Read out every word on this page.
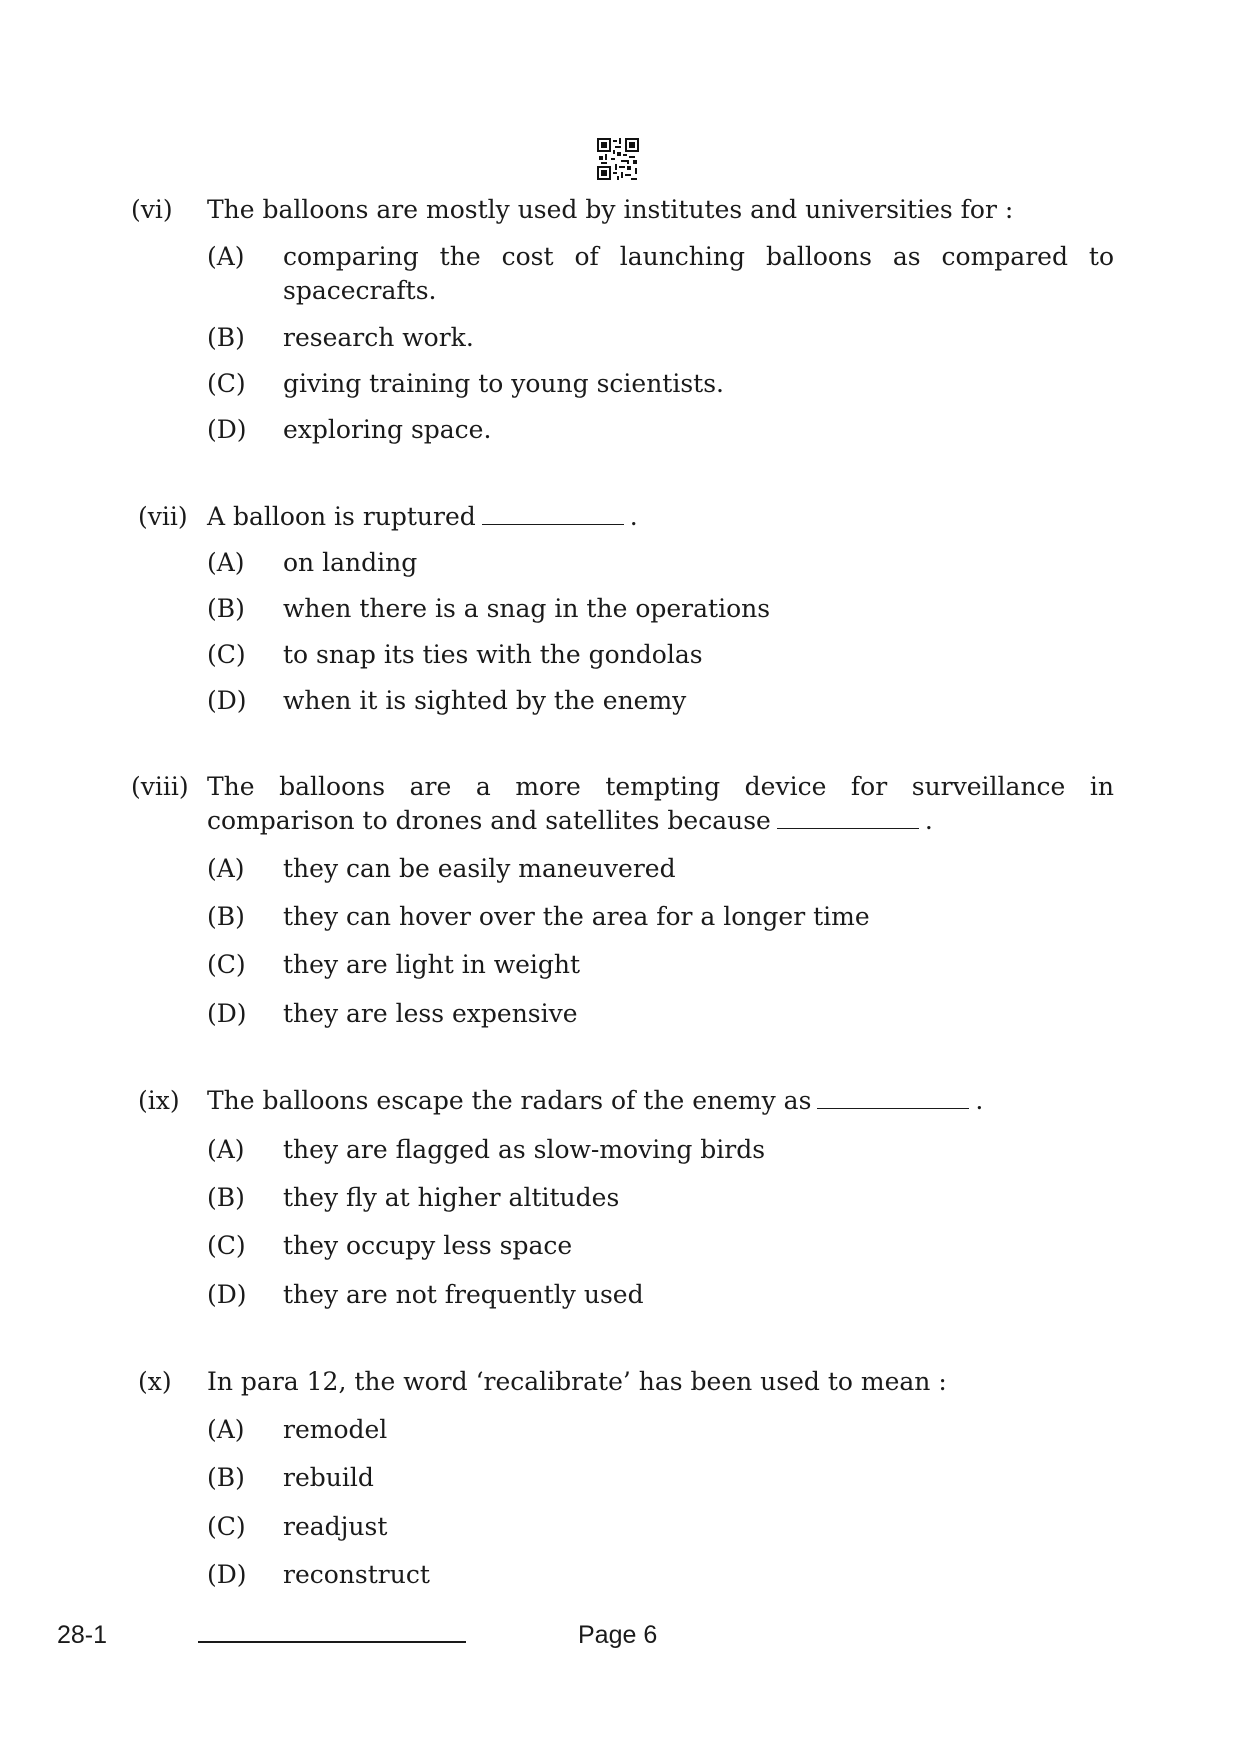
(vi) The balloons are mostly used by institutes and universities for :
(A) comparing the cost of launching balloons as compared to
spacecrafts.
(B) research work.
(C) giving training to young scientists.
(D) exploring space.
(vii) A balloon is ruptured	.
(A) on landing
(B) when there is a snag in the operations
(C) to snap its ties with the gondolas
(D) when it is sighted by the enemy
(viii) The balloons are a more tempting device for surveillance in
comparison to drones and satellites because	.
(A) they can be easily maneuvered
(B) they can hover over the area for a longer time
(C) they are light in weight
(D) they are less expensive
(ix) The balloons escape the radars of the enemy as	.
(A) they are flagged as slow-moving birds
(B) they fly at higher altitudes
(C) they occupy less space
(D) they are not frequently used
(x) In para 12, the word ‘recalibrate’ has been used to mean :
(A) remodel
(B) rebuild
(C) readjust
(D) reconstruct
28-1	Page 6
